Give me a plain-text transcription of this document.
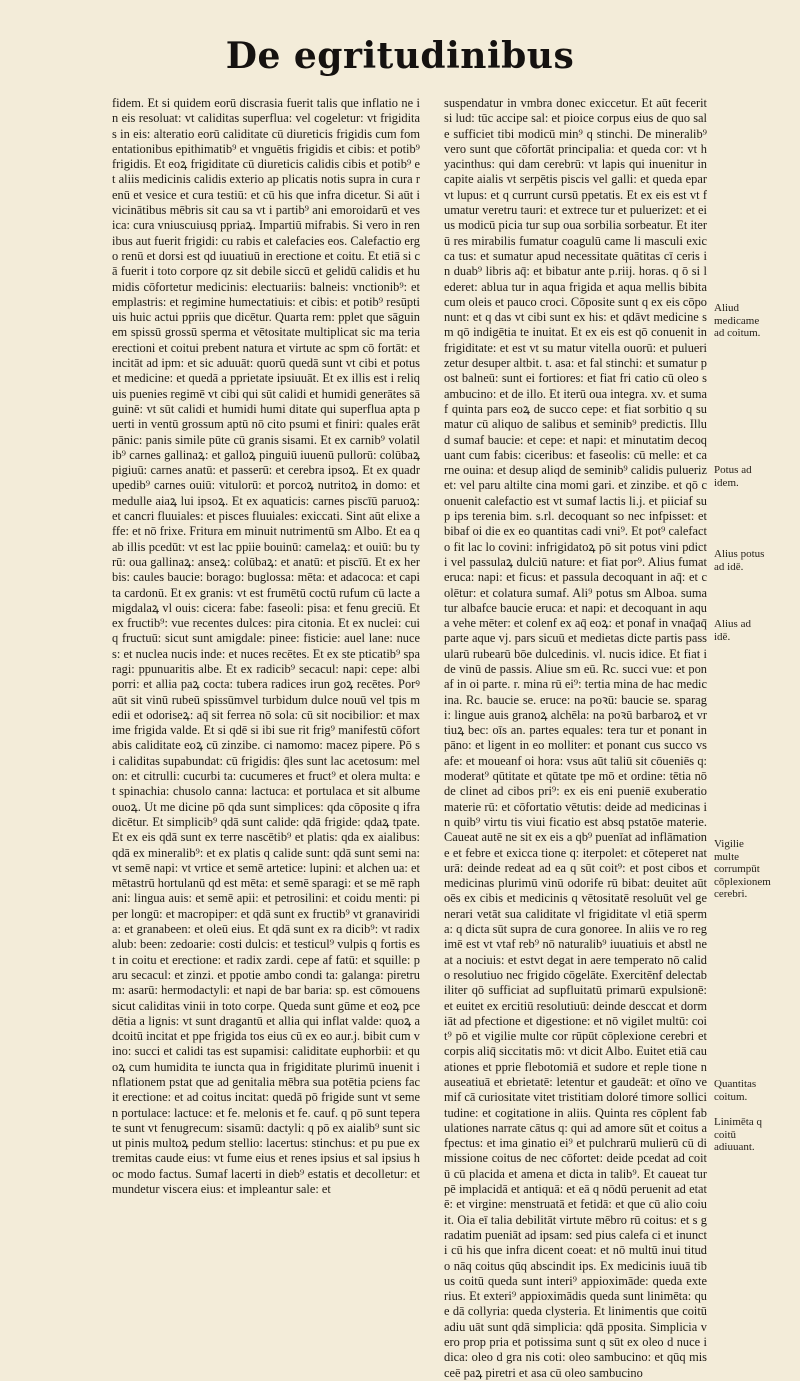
De egritudinibus

fidem. Et si quidem eorū discrasia fuerit talis que inflatio ne in eis resoluat: vt caliditas superflua: vel cogeletur: vt frigiditas in eis: alteratio eorū caliditate cū diureticis frigidis cum fomentationibus epithimatib⁹ et vnguētis frigidis et cibis: et potib⁹ frigidis. Et eoꝝ frigiditate cū diureticis calidis cibis et potib⁹ et aliis medicinis calidis exterio ap plicatis notis supra in cura renū et vesice et cura testiū: et cū his que infra dicetur. Si aūt i vicinātibus mēbris sit cau sa vt i partib⁹ ani emoroidarū et vesica: cura vniuscuiusq ppriaꝝ. Impartiū mifrabis. Si vero in renibus aut fuerit frigidi: cu rabis et calefacies eos. Calefactio ergo renū et dorsi est qd iuuatiuū in erectione et coitu. Et etiā si cā fuerit i toto corpore qz sit debile siccū et gelidū calidis et humidis cōfortetur medicinis: electuariis: balneis: vnctionib⁹: et emplastris: et regimine humectatiuis: et cibis: et potib⁹ resūptiuis huic actui ppriis que dicētur. Quarta rem: pplet que sāguinem spissū grossū sperma et vētositate multiplicat sic ma teria erectioni et coitui prebent natura et virtute ac spm cō fortāt: et incitāt ad ipm: et sic aduuāt: quorū quedā sunt vt cibi et potus et medicine: et quedā a pprietate ipsiuuāt. Et ex illis est i reliquis puenies regimē vt cibi qui sūt calidi et humidi generātes sāguinē: vt sūt calidi et humidi humi ditate qui superflua apta puerti in ventū grossum aptū nō cito psumi et finiri: quales erāt pānic: panis simile pūte cū granis sisami. Et ex carnib⁹ volatilib⁹ carnes gallinaꝝ: et galloꝝ pinguiū iuuenū pullorū: colūbaꝝ pigiuū: carnes anatū: et passerū: et cerebra ipsoꝝ. Et ex quadrupedib⁹ carnes ouiū: vitulorū: et porcoꝝ nutritoꝝ in domo: et medulle aiaꝝ lui ipsoꝝ. Et ex aquaticis: carnes piscīū paruoꝝ: et cancri fluuiales: et pisces fluuiales: exiccati. Sint aūt elixe affe: et nō frixe. Fritura em minuit nutrimentū sm Albo. Et ea q ab illis pcedūt: vt est lac ppiie bouinū: camelaꝝ: et ouiū: bu tyrū: oua gallinaꝝ: anseꝝ: colūbaꝝ: et anatū: et piscīū. Et ex herbis: caules baucie: borago: buglossa: mēta: et adacoca: et capita cardonū. Et ex granis: vt est frumētū coctū rufum cū lacte amigdalaꝝ vl ouis: cicera: fabe: faseoli: pisa: et fenu greciū. Et ex fructib⁹: vue recentes dulces: pira citonia. Et ex nuclei: cuiq fructuū: sicut sunt amigdale: pinee: fisticie: auel lane: nuces: et nuclea nucis inde: et nuces recētes. Et ex ste pticatib⁹ sparagi: ppunuaritis albe. Et ex radicib⁹ secacul: napi: cepe: albi porri: et allia paꝝ cocta: tubera radices irun goꝝ recētes. Porꝰ aūt sit vinū rubeū spissūmvel turbidum dulce nouū vel tpis medii et odoriseꝝ: aq̄ sit ferrea nō sola: cū sit nocibilior: et maxime frigida valde. Et si qdē si ibi sue rit frig⁹ manifestū cōfortabis caliditate eoꝝ cū zinzibe. ci namomo: macez pipere. Pō si caliditas supabundat: cū frigidis: q̄les sunt lac acetosum: melon: et citrulli: cucurbi ta: cucumeres et fruct⁹ et olera multa: et spinachia: chusolo canna: lactuca: et portulaca et sit albume ouoꝝ. Ut me dicine pō qda sunt simplices: qda cōposite q ifra dicētur. Et simplicib⁹ qdā sunt calide: qdā frigide: qdaꝝ tpate. Et ex eis qdā sunt ex terre nascētib⁹ et platis: qda ex aialibus: qdā ex mineralib⁹: et ex platis q calide sunt: qdā sunt semi na: vt semē napi: vt vrtice et semē artetice: lupini: et alchen ua: et mētastrū hortulanū qd est mēta: et semē sparagi: et se mē raphani: lingua auis: et semē apii: et petrosilini: et coidu menti: piper longū: et macropiper: et qdā sunt ex fructib⁹ vt granaviridia: et granabeen: et oleū eius. Et qdā sunt ex ra dicib⁹: vt radix alub: been: zedoarie: costi dulcis: et testicul⁹ vulpis q fortis est in coitu et erectione: et radix zardi. cepe af fatū: et squille: paru secacul: et zinzi. et ppotie ambo condi ta: galanga: piretrum: asarū: hermodactyli: et napi de bar baria: sp. est cōmouens sicut caliditas vinii in toto corpe. Queda sunt gūme et eoꝝ pcedētia a lignis: vt sunt dragantū et allia qui inflat valde: quoꝝ adcoitū incitat et ppe frigida tos eius cū ex eo aur.j. bibit cum vino: succi et calidi tas est supamisi: caliditate euphorbii: et quoꝝ cum humidita te iuncta qua in frigiditate plurimū inuenit inflationem pstat que ad genitalia mēbra sua potētia pciens facit erectione: et ad coitus incitat: quedā pō frigide sunt vt semen portulace: lactuce: et fe. melonis et fe. cauf. q pō sunt tepera te sunt vt fenugrecum: sisamū: dactyli: q pō ex aialib⁹ sunt sicut pinis multoꝝ pedum stellio: lacertus: stinchus: et pu pue extremitas caude eius: vt fume eius et renes ipsius et sal ipsius hoc modo factus. Sumaf lacerti in dieb⁹ estatis et decolletur: et mundetur viscera eius: et impleantur sale: et

suspendatur in vmbra donec exiccetur. Et aūt fecerit si lud: tūc accipe sal: et pioice corpus eius de quo sale sufficiet tibi modicū min⁹ q stinchi. De mineralib⁹ vero sunt que cōfortāt principalia: et queda cor: vt hyacinthus: qui dam cerebrū: vt lapis qui inuenitur in capite aialis vt serpētis piscis vel galli: et queda epar vt lupus: et q currunt cursū ppetatis. Et ex eis est vt fumatur veretru tauri: et extrece tur et puluerizet: et eius modicū picia tur sup oua sorbilia sorbeatur. Et iterū res mirabilis fumatur coagulū came li masculi exicca tus: et sumatur apud necessitate quātitas cī ceris in duab⁹ libris aq̄: et bibatur ante p.riij. horas. q ō si lederet: ablua tur in aqua frigida et aqua mellis bibita cum oleis et pauco croci. Cōposite sunt q ex eis cōponunt: et q das vt cibi sunt ex his: et qdāvt medicine sm qō indigētia te inuitat. Et ex eis est qō conuenit in frigiditate: et est vt su matur vitella ouorū: et puluerizetur desuper altbit. t. asa: et fal stinchi: et sumatur post balneū: sunt ei fortiores: et fiat fri catio cū oleo sambucino: et de illo. Et iterū oua integra. xv. et sumaf quinta pars eoꝝ de succo cepe: et fiat sorbitio q su matur cū aliquo de salibus et seminib⁹ predictis. Illud sumaf baucie: et cepe: et napi: et minutatim decoquant cum fabis: ciceribus: et faseolis: cū melle: et carne ouina: et desup aliqd de seminib⁹ calidis puluerizet: vel paru altilte cina momi gari. et zinzibe. et qō conuenit calefactio est vt sumaf lactis li.j. et piiciaf sup ips terenia bim. s.rl. decoquant so nec infpisset: et bibaf oi die ex eo quantitas cadi vni⁹. Et pot⁹ calefacto fit lac lo covini: infrigidatoꝝ pō sit potus vini pdicti vel passulaꝝ dulciū nature: et fiat por⁹. Alius fumat eruca: napi: et ficus: et passula decoquant in aq̄: et colētur: et colatura sumaf. Ali⁹ potus sm Alboa. suma tur albafce baucie eruca: et napi: et decoquant in aqua vehe mēter: et colenf ex aq̄ eoꝝ: et ponaf in vnaq̄aq̄ parte aque vj. pars sicuū et medietas dicte partis passularū rubearū bōe dulcedinis. vl. nucis idice. Et fiat ide vinū de passis. Aliue sm eū. Rc. succi vue: et ponaf in oi parte. r. mina rū ei⁹: tertia mina de hac medicina. Rc. baucie se. eruce: na poꝛū: baucie se. sparagi: lingue auis granoꝝ alchēla: na poꝛū barbaroꝝ et vrtiuꝝ bec: oīs an. partes equales: tera tur et ponant in pāno: et ligent in eo molliter: et ponant cus succo vsafe: et moueanf oi hora: vsus aūt taliū sit cōueniēs q: moderat⁹ qūtitate et qūtate tpe mō et ordine: tētia nō de clinet ad cibos pri⁹: ex eis eni pueniē exuberatio materie rū: et cōfortatio vētutis: deide ad medicinas in quib⁹ virtu tis viui ficatio est absq pstatōe materie. Caueat autē ne sit ex eis a qb⁹ puenīat ad inflāmatione et febre et exicca tione q: iterpolet: et cōteperet naturā: deinde redeat ad ea q sūt coit⁹: et post cibos et medicinas plurimū vinū odorife rū bibat: deuitet aūt oēs ex cibis et medicinis q vētositatē resoluūt vel generari vetāt sua caliditate vl frigiditate vl etiā sperma: q dicta sūt supra de cura gonoree. In aliis ve ro regimē est vt vtaf reb⁹ nō naturalib⁹ iuuatiuis et abstl neat a nociuis: et estvt degat in aere temperato nō calido resolutiuo nec frigido cōgelāte. Exercitēnf delectabiliter qō sufficiat ad supfluitatū primarū expulsionē: et euitet ex ercitiū resolutiuū: deinde desccat et dormiāt ad pfectione et digestione: et nō vigilet multū: coit⁹ pō et vigilie multe cor rūpūt cōplexione cerebri et corpis aliq̄ siccitatis mō: vt dicit Albo. Euitet etiā cauationes et pprie flebotomiā et sudore et reple tione nauseatiuā et ebrietatē: letentur et gaudeāt: et oīno vemif cā curiositate vitet tristitiam doloré timore sollicitudine: et cogitatione in aliis. Quinta res cōplent fabulationes narrate cātus q: qui ad amore sūt et coitus afpectus: et ima ginatio ei⁹ et pulchrarū mulierū cū dimissione coitus de nec cōfortet: deide pcedat ad coitū cū placida et amena et dicta in talib⁹. Et caueat turpē implacidā et antiquā: et eā q nōdū peruenit ad etatē: et virgine: menstruatā et fetidā: et que cū alio coiuit. Oia eī talia debilitāt virtute mēbro rū coitus: et s gradatim pueniāt ad ipsam: sed pius calefa ci et inuncti cū his que infra dicent coeat: et nō multū inui titudo nāq coitus qūq abscindit ips. Ex medicinis iuuā tibus coitū queda sunt interi⁹ appioximāde: queda exte rius. Et exteri⁹ appioximādis queda sunt linimēta: que dā collyria: queda clysteria. Et linimentis que coitū adiu uāt sunt qdā simplicia: qdā pposita. Simplicia vero prop pria et potissima sunt q sūt ex oleo d nuce idica: oleo d gra nis coti: oleo sambucino: et qūq misceē paꝝ piretri et asa cū oleo sambucino

Aliud medicame ad coitum.
Potus ad idem.
Alius potus ad idē.
Alius ad idē.
Vigilie multe corrumpūt cōplexionem cerebri.
Quantitas coitum.
Linimēta q coitū adiuuant.
